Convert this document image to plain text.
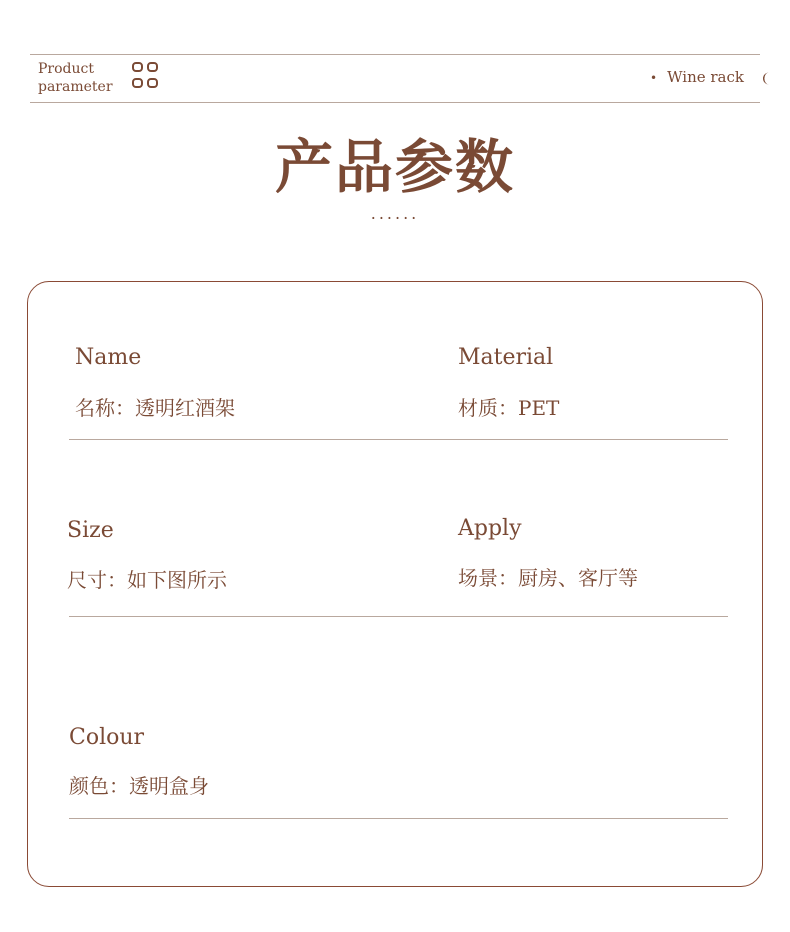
Product
parameter
• Wine rack
产品参数
......
Name
名称：透明红酒架
Material
材质：PET
Size
尺寸：如下图所示
Apply
场景：厨房、客厅等
Colour
颜色：透明盒身
